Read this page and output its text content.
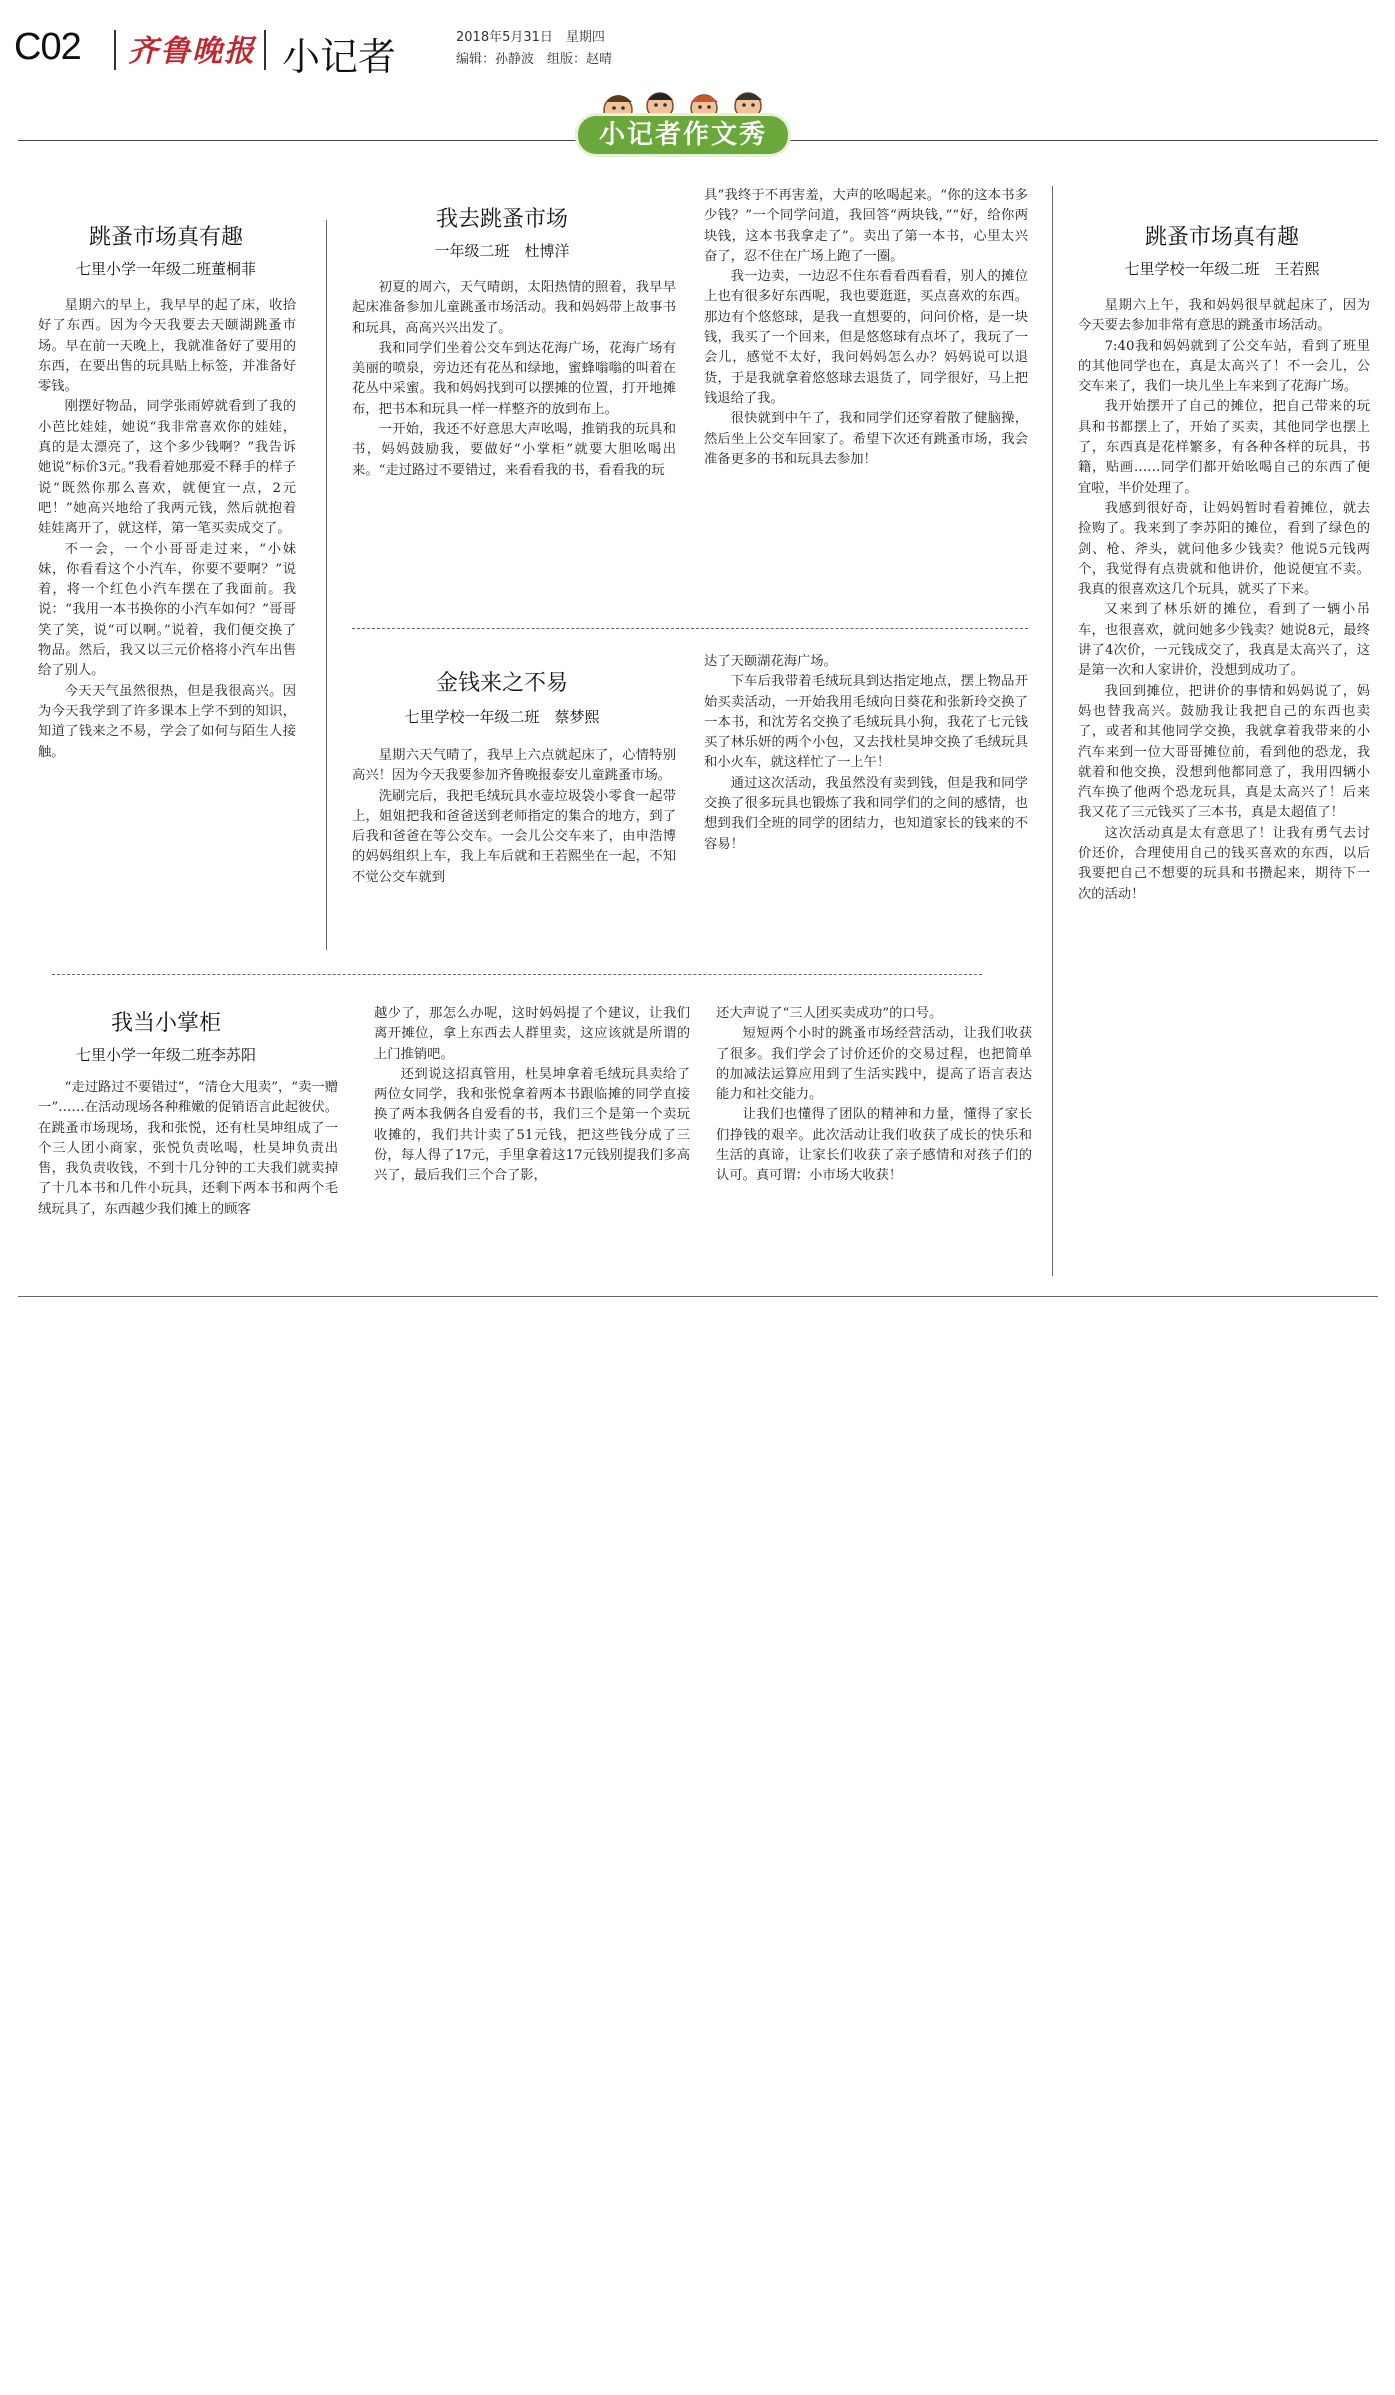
C02 齐鲁晚报 小记者	2018年5月31日　星期四
编辑：孙静波　组版：赵晴
小记者作文秀
跳蚤市场真有趣
七里小学一年级二班董桐菲

星期六的早上，我早早的起了床，收拾好了东西。因为今天我要去天颐湖跳蚤市场。早在前一天晚上，我就准备好了要用的东西，在要出售的玩具贴上标签，并准备好零钱。

刚摆好物品，同学张雨婷就看到了我的小芭比娃娃，她说“我非常喜欢你的娃娃，真的是太漂亮了，这个多少钱啊？”我告诉她说“标价3元。”我看着她那爱不释手的样子说“既然你那么喜欢，就便宜一点，2元吧！”她高兴地给了我两元钱，然后就抱着娃娃离开了，就这样，第一笔买卖成交了。

不一会，一个小哥哥走过来，“小妹妹，你看看这个小汽车，你要不要啊？”说着，将一个红色小汽车摆在了我面前。我说：“我用一本书换你的小汽车如何？”哥哥笑了笑，说“可以啊。”说着，我们便交换了物品。然后，我又以三元价格将小汽车出售给了别人。

今天天气虽然很热，但是我很高兴。因为今天我学到了许多课本上学不到的知识，知道了钱来之不易，学会了如何与陌生人接触。

我去跳蚤市场
一年级二班　杜博洋

初夏的周六，天气晴朗，太阳热情的照着，我早早起床准备参加儿童跳蚤市场活动。我和妈妈带上故事书和玩具，高高兴兴出发了。

我和同学们坐着公交车到达花海广场，花海广场有美丽的喷泉，旁边还有花丛和绿地，蜜蜂嗡嗡的叫着在花丛中采蜜。我和妈妈找到可以摆摊的位置，打开地摊布，把书本和玩具一样一样整齐的放到布上。

一开始，我还不好意思大声吆喝，推销我的玩具和书，妈妈鼓励我，要做好“小掌柜”就要大胆吆喝出来。“走过路过不要错过，来看看我的书，看看我的玩

具”我终于不再害羞，大声的吆喝起来。“你的这本书多少钱？”一个同学问道，我回答“两块钱，”“好，给你两块钱，这本书我拿走了”。卖出了第一本书，心里太兴奋了，忍不住在广场上跑了一圈。

我一边卖，一边忍不住东看看西看看，别人的摊位上也有很多好东西呢，我也要逛逛，买点喜欢的东西。那边有个悠悠球，是我一直想要的，问问价格，是一块钱，我买了一个回来，但是悠悠球有点坏了，我玩了一会儿，感觉不太好，我问妈妈怎么办？妈妈说可以退货，于是我就拿着悠悠球去退货了，同学很好，马上把钱退给了我。

很快就到中午了，我和同学们还穿着散了健脑操，然后坐上公交车回家了。希望下次还有跳蚤市场，我会准备更多的书和玩具去参加！

金钱来之不易
七里学校一年级二班　蔡梦熙

星期六天气晴了，我早上六点就起床了，心情特别高兴！因为今天我要参加齐鲁晚报泰安儿童跳蚤市场。

洗刷完后，我把毛绒玩具水壶垃圾袋小零食一起带上，姐姐把我和爸爸送到老师指定的集合的地方，到了后我和爸爸在等公交车。一会儿公交车来了，由申浩博的妈妈组织上车，我上车后就和王若熙坐在一起，不知不觉公交车就到

达了天颐湖花海广场。

下车后我带着毛绒玩具到达指定地点，摆上物品开始买卖活动，一开始我用毛绒向日葵花和张新玲交换了一本书，和沈芳名交换了毛绒玩具小狗，我花了七元钱买了林乐妍的两个小包，又去找杜昊坤交换了毛绒玩具和小火车，就这样忙了一上午！

通过这次活动，我虽然没有卖到钱，但是我和同学交换了很多玩具也锻炼了我和同学们的之间的感情，也想到我们全班的同学的团结力，也知道家长的钱来的不容易！

跳蚤市场真有趣
七里学校一年级二班　王若熙

星期六上午，我和妈妈很早就起床了，因为今天要去参加非常有意思的跳蚤市场活动。

7:40我和妈妈就到了公交车站，看到了班里的其他同学也在，真是太高兴了！不一会儿，公交车来了，我们一块儿坐上车来到了花海广场。

我开始摆开了自己的摊位，把自己带来的玩具和书都摆上了，开始了买卖，其他同学也摆上了，东西真是花样繁多，有各种各样的玩具，书籍，贴画……同学们都开始吆喝自己的东西了便宜啦，半价处理了。

我感到很好奇，让妈妈暂时看着摊位，就去捡购了。我来到了李苏阳的摊位，看到了绿色的剑、枪、斧头，就问他多少钱卖？他说5元钱两个，我觉得有点贵就和他讲价，他说便宜不卖。我真的很喜欢这几个玩具，就买了下来。

又来到了林乐妍的摊位，看到了一辆小吊车，也很喜欢，就问她多少钱卖？她说8元，最终讲了4次价，一元钱成交了，我真是太高兴了，这是第一次和人家讲价，没想到成功了。

我回到摊位，把讲价的事情和妈妈说了，妈妈也替我高兴。鼓励我让我把自己的东西也卖了，或者和其他同学交换，我就拿着我带来的小汽车来到一位大哥哥摊位前，看到他的恐龙，我就着和他交换，没想到他都同意了，我用四辆小汽车换了他两个恐龙玩具，真是太高兴了！后来我又花了三元钱买了三本书，真是太超值了！

这次活动真是太有意思了！让我有勇气去讨价还价，合理使用自己的钱买喜欢的东西，以后我要把自己不想要的玩具和书攒起来，期待下一次的活动！

我当小掌柜
七里小学一年级二班李苏阳

“走过路过不要错过”，“清仓大甩卖”，“卖一赠一”……在活动现场各种稚嫩的促销语言此起彼伏。在跳蚤市场现场，我和张悦，还有杜昊坤组成了一个三人团小商家，张悦负责吆喝，杜昊坤负责出售，我负责收钱，不到十几分钟的工夫我们就卖掉了十几本书和几件小玩具，还剩下两本书和两个毛绒玩具了，东西越少我们摊上的顾客

越少了，那怎么办呢，这时妈妈提了个建议，让我们离开摊位，拿上东西去人群里卖，这应该就是所谓的上门推销吧。

还到说这招真管用，杜昊坤拿着毛绒玩具卖给了两位女同学，我和张悦拿着两本书跟临摊的同学直接换了两本我俩各自爱看的书，我们三个是第一个卖玩收摊的，我们共计卖了51元钱，把这些钱分成了三份，每人得了17元，手里拿着这17元钱别提我们多高兴了，最后我们三个合了影，

还大声说了“三人团买卖成功”的口号。

短短两个小时的跳蚤市场经营活动，让我们收获了很多。我们学会了讨价还价的交易过程，也把简单的加减法运算应用到了生活实践中，提高了语言表达能力和社交能力。

让我们也懂得了团队的精神和力量，懂得了家长们挣钱的艰辛。此次活动让我们收获了成长的快乐和生活的真谛，让家长们收获了亲子感情和对孩子们的认可。真可谓：小市场大收获！
